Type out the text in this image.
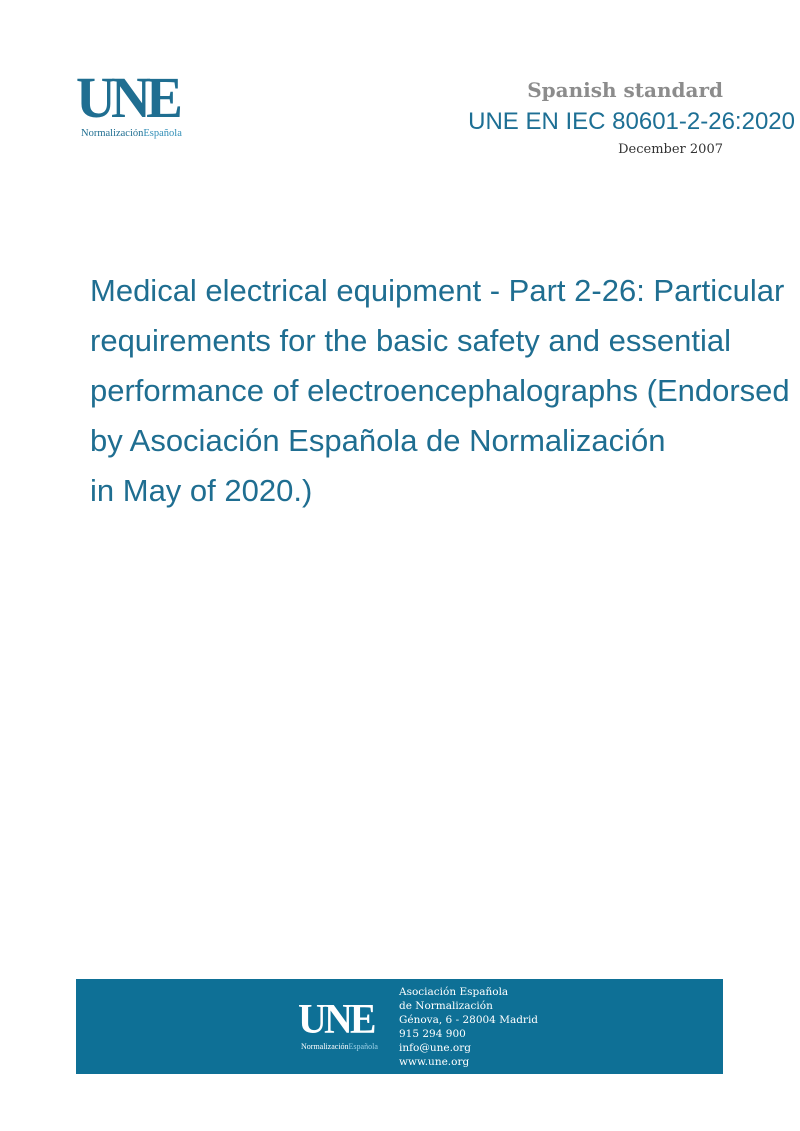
UNE
NormalizaciónEspañola
Spanish standard
UNE EN IEC 80601-2-26:2020
December 2007
Medical electrical equipment - Part 2-26: Particular
requirements for the basic safety and essential
performance of electroencephalographs (Endorsed
by Asociación Española de Normalización
in May of 2020.)
UNE
NormalizaciónEspañola
Asociación Española
de Normalización
Génova, 6 - 28004 Madrid
915 294 900
info@une.org
www.une.org
